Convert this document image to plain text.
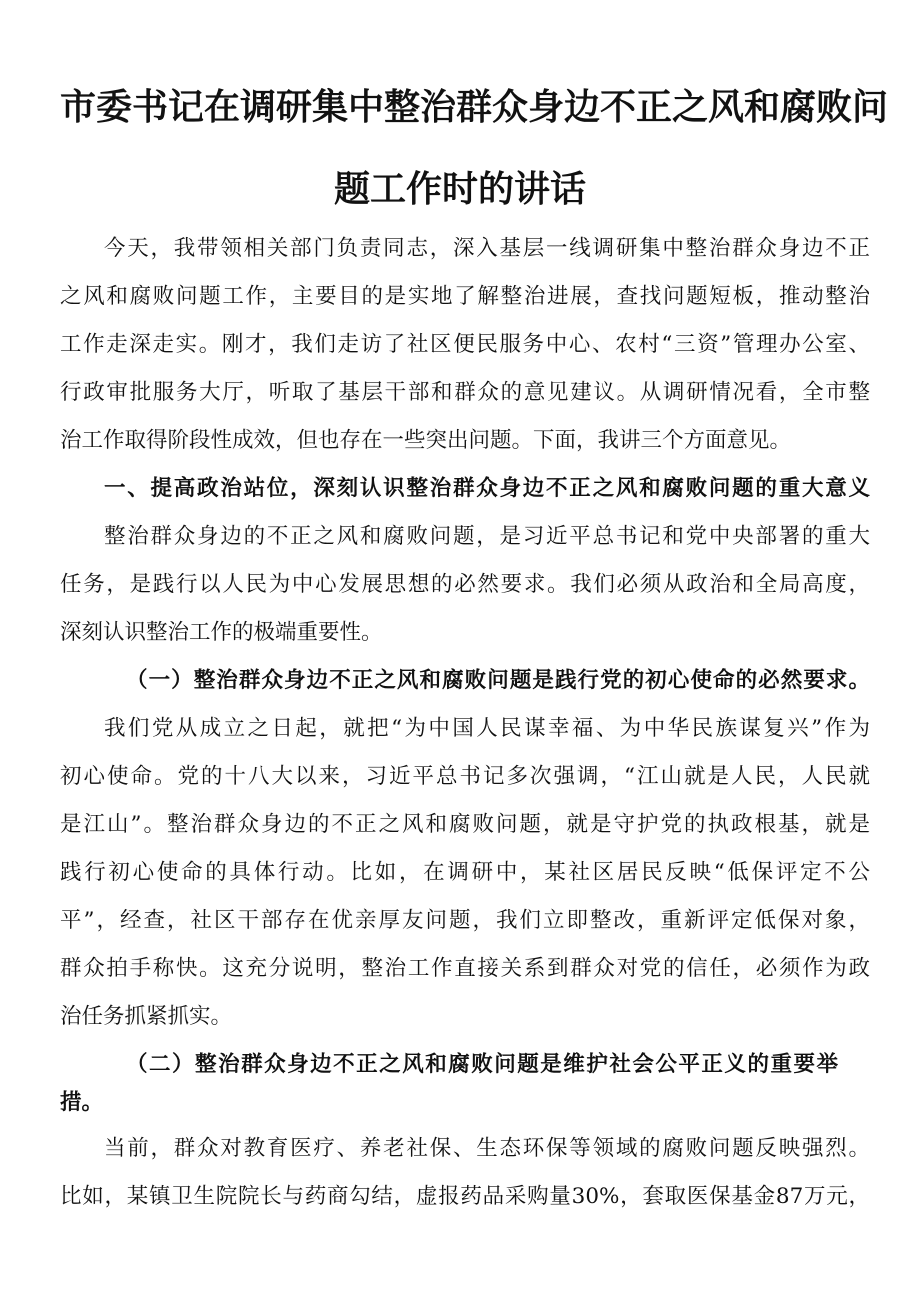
市委书记在调研集中整治群众身边不正之风和腐败问
题工作时的讲话

今天，我带领相关部门负责同志，深入基层一线调研集中整治群众身边不正

之风和腐败问题工作，主要目的是实地了解整治进展，查找问题短板，推动整治

工作走深走实。刚才，我们走访了社区便民服务中心、农村“三资”管理办公室、

行政审批服务大厅，听取了基层干部和群众的意见建议。从调研情况看，全市整

治工作取得阶段性成效，但也存在一些突出问题。下面，我讲三个方面意见。

一、提高政治站位，深刻认识整治群众身边不正之风和腐败问题的重大意义

整治群众身边的不正之风和腐败问题，是习近平总书记和党中央部署的重大

任务，是践行以人民为中心发展思想的必然要求。我们必须从政治和全局高度，

深刻认识整治工作的极端重要性。

（一）整治群众身边不正之风和腐败问题是践行党的初心使命的必然要求。

我们党从成立之日起，就把“为中国人民谋幸福、为中华民族谋复兴”作为

初心使命。党的十八大以来，习近平总书记多次强调，“江山就是人民，人民就

是江山”。整治群众身边的不正之风和腐败问题，就是守护党的执政根基，就是

践行初心使命的具体行动。比如，在调研中，某社区居民反映“低保评定不公

平”，经查，社区干部存在优亲厚友问题，我们立即整改，重新评定低保对象，

群众拍手称快。这充分说明，整治工作直接关系到群众对党的信任，必须作为政

治任务抓紧抓实。

（二）整治群众身边不正之风和腐败问题是维护社会公平正义的重要举

措。

当前，群众对教育医疗、养老社保、生态环保等领域的腐败问题反映强烈。

比如，某镇卫生院院长与药商勾结，虚报药品采购量30%，套取医保基金87万元，
